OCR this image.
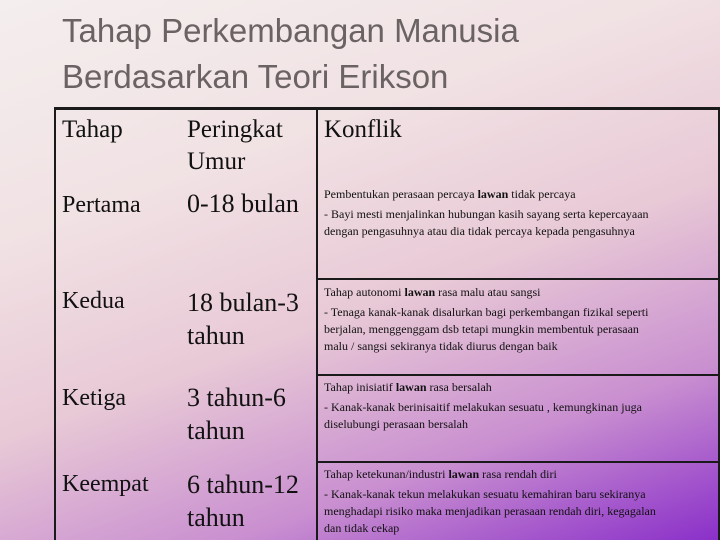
Tahap Perkembangan Manusia
Berdasarkan Teori Erikson
Tahap	Peringkat
Umur
Konflik
Pertama 0-18 bulan Pembentukan perasaan percaya lawan tidak percaya
- Bayi mesti menjalinkan hubungan kasih sayang serta kepercayaan dengan pengasuhnya atau dia tidak percaya kepada pengasuhnya
Kedua 18 bulan-3
tahun
Tahap autonomi lawan rasa malu atau sangsi
- Tenaga kanak-kanak disalurkan bagi perkembangan fizikal seperti berjalan, menggenggam dsb tetapi mungkin membentuk perasaan malu / sangsi sekiranya tidak diurus dengan baik
Ketiga 3 tahun-6
tahun
Tahap inisiatif lawan rasa bersalah
- Kanak-kanak berinisaitif melakukan sesuatu , kemungkinan juga diselubungi perasaan bersalah
Keempat 6 tahun-12
tahun
Tahap ketekunan/industri lawan rasa rendah diri
- Kanak-kanak tekun melakukan sesuatu kemahiran baru sekiranya menghadapi risiko maka menjadikan perasaan rendah diri, kegagalan dan tidak cekap
